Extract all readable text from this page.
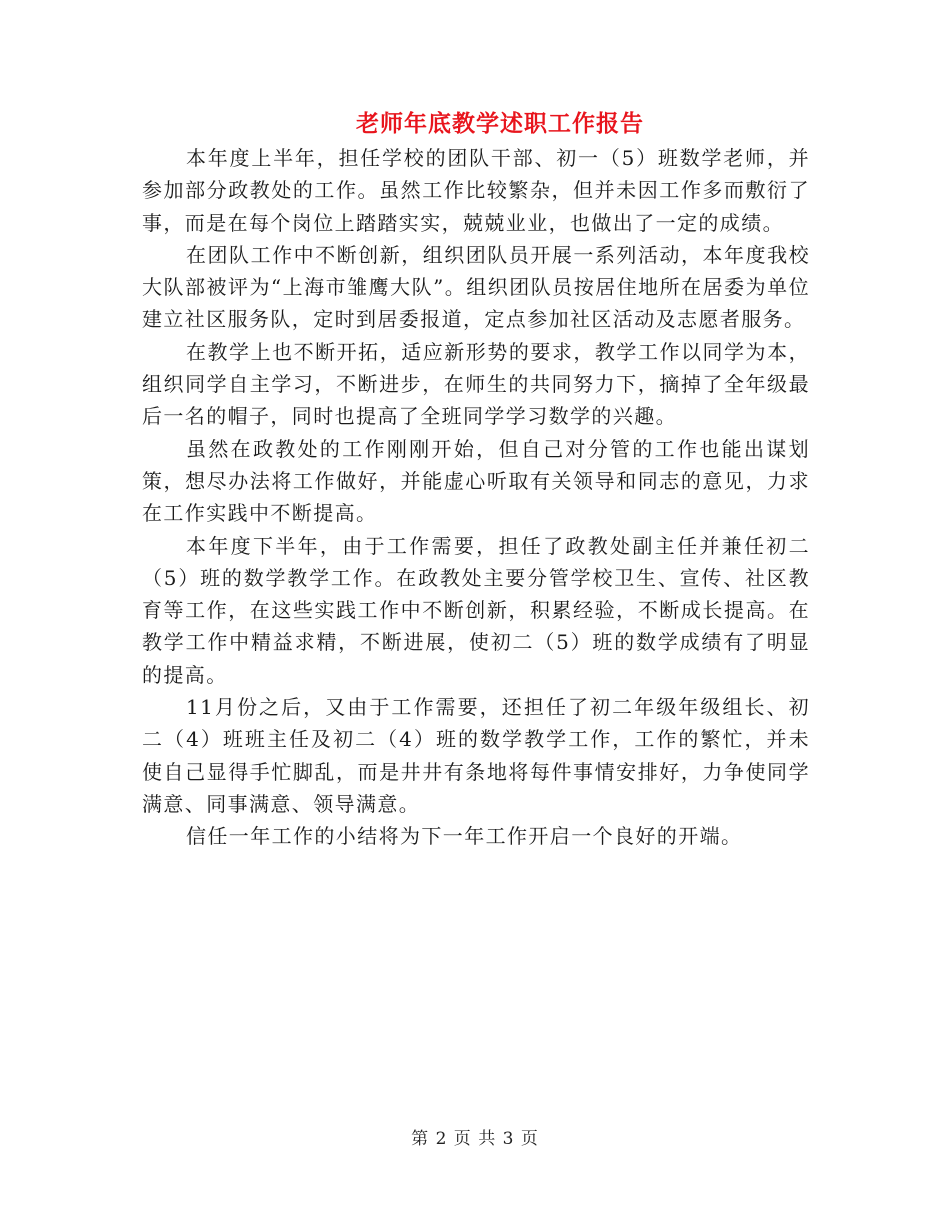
老师年底教学述职工作报告

本年度上半年，担任学校的团队干部、初一（5）班数学老师，并参加部分政教处的工作。虽然工作比较繁杂，但并未因工作多而敷衍了事，而是在每个岗位上踏踏实实，兢兢业业，也做出了一定的成绩。

在团队工作中不断创新，组织团队员开展一系列活动，本年度我校大队部被评为“上海市雏鹰大队”。组织团队员按居住地所在居委为单位建立社区服务队，定时到居委报道，定点参加社区活动及志愿者服务。

在教学上也不断开拓，适应新形势的要求，教学工作以同学为本，组织同学自主学习，不断进步，在师生的共同努力下，摘掉了全年级最后一名的帽子，同时也提高了全班同学学习数学的兴趣。

虽然在政教处的工作刚刚开始，但自己对分管的工作也能出谋划策，想尽办法将工作做好，并能虚心听取有关领导和同志的意见，力求在工作实践中不断提高。

本年度下半年，由于工作需要，担任了政教处副主任并兼任初二（5）班的数学教学工作。在政教处主要分管学校卫生、宣传、社区教育等工作，在这些实践工作中不断创新，积累经验，不断成长提高。在教学工作中精益求精，不断进展，使初二（5）班的数学成绩有了明显的提高。

11月份之后，又由于工作需要，还担任了初二年级年级组长、初二（4）班班主任及初二（4）班的数学教学工作，工作的繁忙，并未使自己显得手忙脚乱，而是井井有条地将每件事情安排好，力争使同学满意、同事满意、领导满意。

信任一年工作的小结将为下一年工作开启一个良好的开端。

第 2 页 共 3 页
